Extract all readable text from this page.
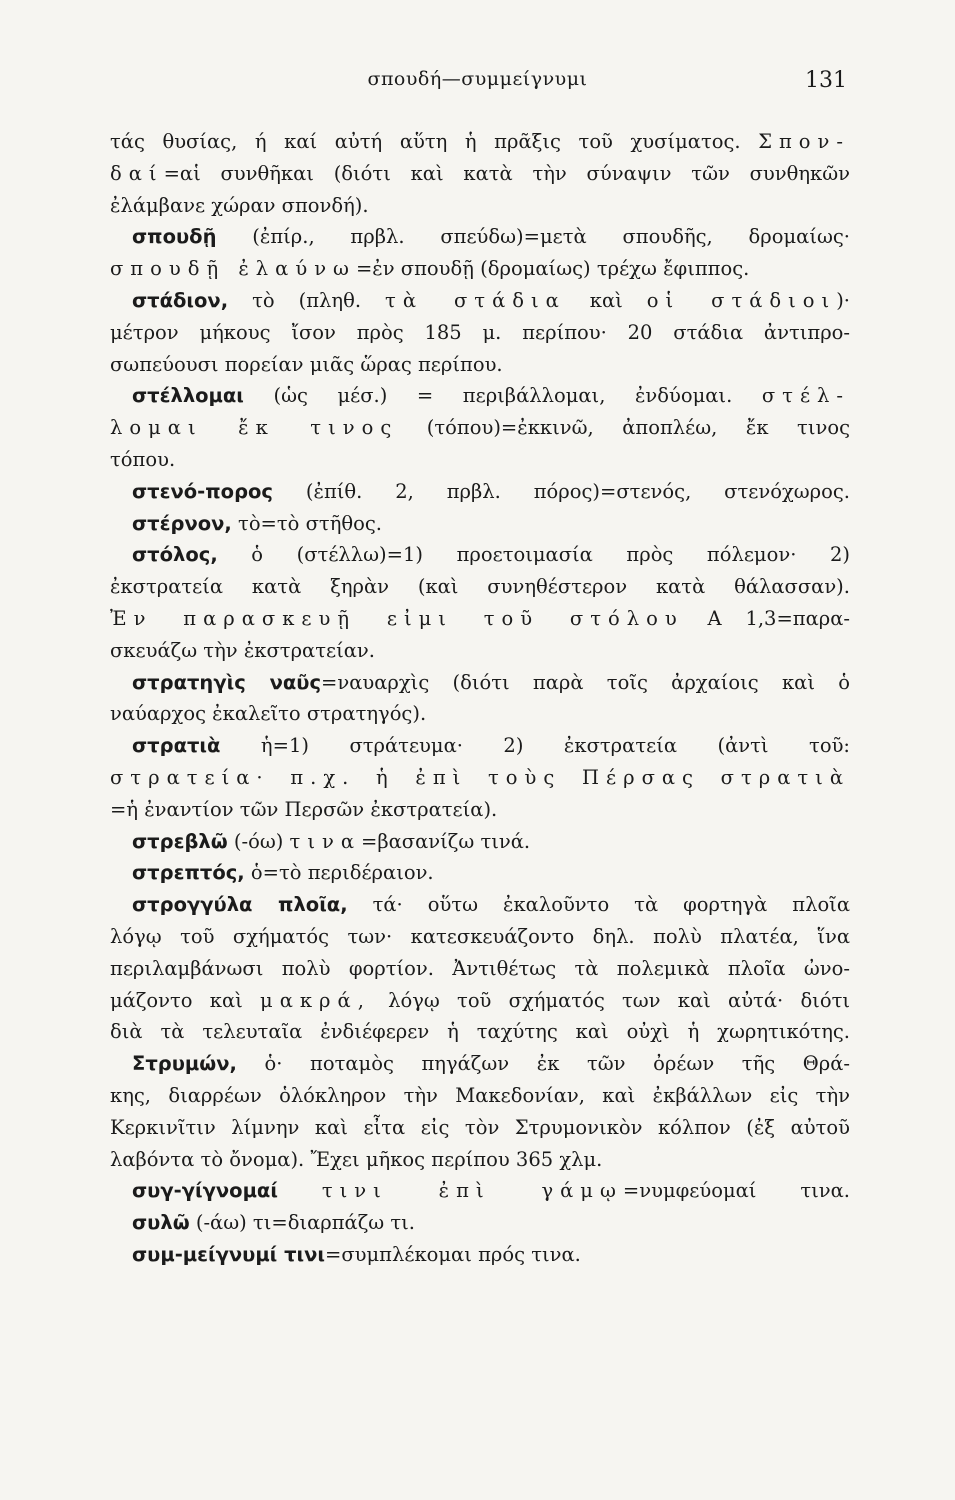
σπουδή—συμμείγνυμι	131
τάς θυσίας, ή καί αὐτή αὕτη ἡ πρᾶξις τοῦ χυσίματος. Σπον-
δαί=αἱ συνθῆκαι (διότι καὶ κατὰ τὴν σύναψιν τῶν συνθηκῶν
ἐλάμβανε χώραν σπονδή).
σπουδῇ (ἐπίρ., πρβλ. σπεύδω)=μετὰ σπουδῆς, δρομαίως·
σπουδῇ ἐλαύνω=ἐν σπουδῇ (δρομαίως) τρέχω ἔφιππος.
στάδιον, τὸ (πληθ. τὰ στάδια καὶ οἱ στάδιοι)·
μέτρον μήκους ἴσον πρὸς 185 μ. περίπου· 20 στάδια ἀντιπρο-
σωπεύουσι πορείαν μιᾶς ὥρας περίπου.
στέλλομαι (ὡς μέσ.) = περιβάλλομαι, ἐνδύομαι. στέλ-
λομαι ἔκ τινος (τόπου)=ἐκκινῶ, ἀποπλέω, ἔκ τινος
τόπου.
στενό-πορος (ἐπίθ. 2, πρβλ. πόρος)=στενός, στενόχωρος.
στέρνον, τὸ=τὸ στῆθος.
στόλος, ὁ (στέλλω)=1) προετοιμασία πρὸς πόλεμον· 2)
ἐκστρατεία κατὰ ξηρὰν (καὶ συνηθέστερον κατὰ θάλασσαν).
Ἐν παρασκευῇ εἰμι τοῦ στόλου Α 1,3=παρα-
σκευάζω τὴν ἐκστρατείαν.
στρατηγὶς ναῦς=ναυαρχὶς (διότι παρὰ τοῖς ἀρχαίοις καὶ ὁ
ναύαρχος ἐκαλεῖτο στρατηγός).
στρατιὰ ἡ=1) στράτευμα· 2) ἐκστρατεία (ἀντὶ τοῦ:
στρατεία· π.χ. ἡ ἐπὶ τοὺς Πέρσας στρατιὰ
=ἡ ἐναντίον τῶν Περσῶν ἐκστρατεία).
στρεβλῶ (-όω) τινα=βασανίζω τινά.
στρεπτός, ὁ=τὸ περιδέραιον.
στρογγύλα πλοῖα, τά· οὕτω ἐκαλοῦντο τὰ φορτηγὰ πλοῖα
λόγῳ τοῦ σχήματός των· κατεσκευάζοντο δηλ. πολὺ πλατέα, ἵνα
περιλαμβάνωσι πολὺ φορτίον. Ἀντιθέτως τὰ πολεμικὰ πλοῖα ὠνο-
μάζοντο καὶ μακρά, λόγῳ τοῦ σχήματός των καὶ αὐτά· διότι
διὰ τὰ τελευταῖα ἐνδιέφερεν ἡ ταχύτης καὶ οὐχὶ ἡ χωρητικότης.
Στρυμών, ὁ· ποταμὸς πηγάζων ἐκ τῶν ὀρέων τῆς Θρά-
κης, διαρρέων ὁλόκληρον τὴν Μακεδονίαν, καὶ ἐκβάλλων εἰς τὴν
Κερκινῖτιν λίμνην καὶ εἶτα εἰς τὸν Στρυμονικὸν κόλπον (ἐξ αὐτοῦ
λαβόντα τὸ ὄνομα). Ἔχει μῆκος περίπου 365 χλμ.
συγ-γίγνομαί τινι ἐπὶ γάμῳ=νυμφεύομαί τινα.
συλῶ (-άω) τι=διαρπάζω τι.
συμ-μείγνυμί τινι=συμπλέκομαι πρός τινα.
